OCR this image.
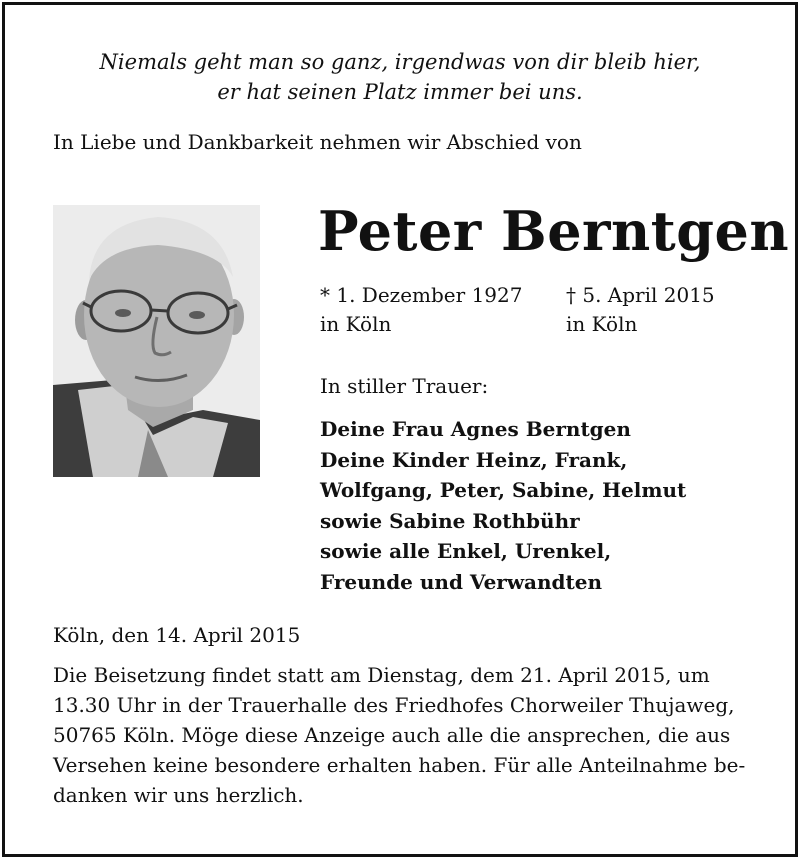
Niemals geht man so ganz, irgendwas von dir bleib hier,
er hat seinen Platz immer bei uns.
In Liebe und Dankbarkeit nehmen wir Abschied von
Peter Berntgen
* 1. Dezember 1927
in Köln
† 5. April 2015
in Köln
In stiller Trauer:
Deine Frau Agnes Berntgen
Deine Kinder Heinz, Frank,
Wolfgang, Peter, Sabine, Helmut
sowie Sabine Rothbühr
sowie alle Enkel, Urenkel,
Freunde und Verwandten
Köln, den 14. April 2015
Die Beisetzung findet statt am Dienstag, dem 21. April 2015, um
13.30 Uhr in der Trauerhalle des Friedhofes Chorweiler Thujaweg,
50765 Köln. Möge diese Anzeige auch alle die ansprechen, die aus
Versehen keine besondere erhalten haben. Für alle Anteilnahme be-
danken wir uns herzlich.
